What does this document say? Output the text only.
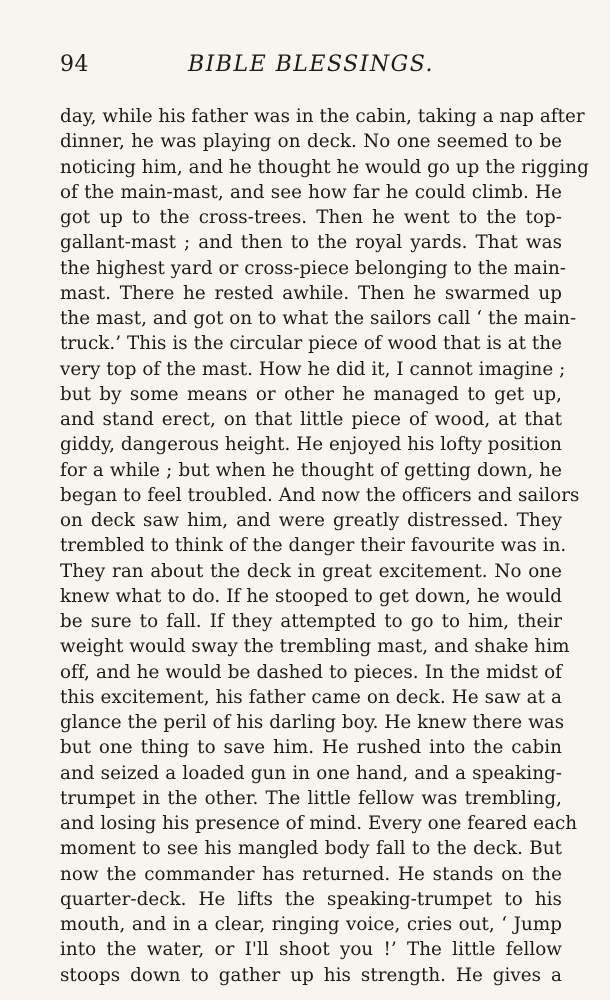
94	BIBLE BLESSINGS.
day, while his father was in the cabin, taking a nap after
dinner, he was playing on deck. No one seemed to be
noticing him, and he thought he would go up the rigging
of the main-mast, and see how far he could climb. He
got up to the cross-trees. Then he went to the top-
gallant-mast ; and then to the royal yards. That was
the highest yard or cross-piece belonging to the main-
mast. There he rested awhile. Then he swarmed up
the mast, and got on to what the sailors call ‘ the main-
truck.’ This is the circular piece of wood that is at the
very top of the mast. How he did it, I cannot imagine ;
but by some means or other he managed to get up,
and stand erect, on that little piece of wood, at that
giddy, dangerous height. He enjoyed his lofty position
for a while ; but when he thought of getting down, he
began to feel troubled. And now the officers and sailors
on deck saw him, and were greatly distressed. They
trembled to think of the danger their favourite was in.
They ran about the deck in great excitement. No one
knew what to do. If he stooped to get down, he would
be sure to fall. If they attempted to go to him, their
weight would sway the trembling mast, and shake him
off, and he would be dashed to pieces. In the midst of
this excitement, his father came on deck. He saw at a
glance the peril of his darling boy. He knew there was
but one thing to save him. He rushed into the cabin
and seized a loaded gun in one hand, and a speaking-
trumpet in the other. The little fellow was trembling,
and losing his presence of mind. Every one feared each
moment to see his mangled body fall to the deck. But
now the commander has returned. He stands on the
quarter-deck. He lifts the speaking-trumpet to his
mouth, and in a clear, ringing voice, cries out, ‘ Jump
into the water, or I'll shoot you !’ The little fellow
stoops down to gather up his strength. He gives a
